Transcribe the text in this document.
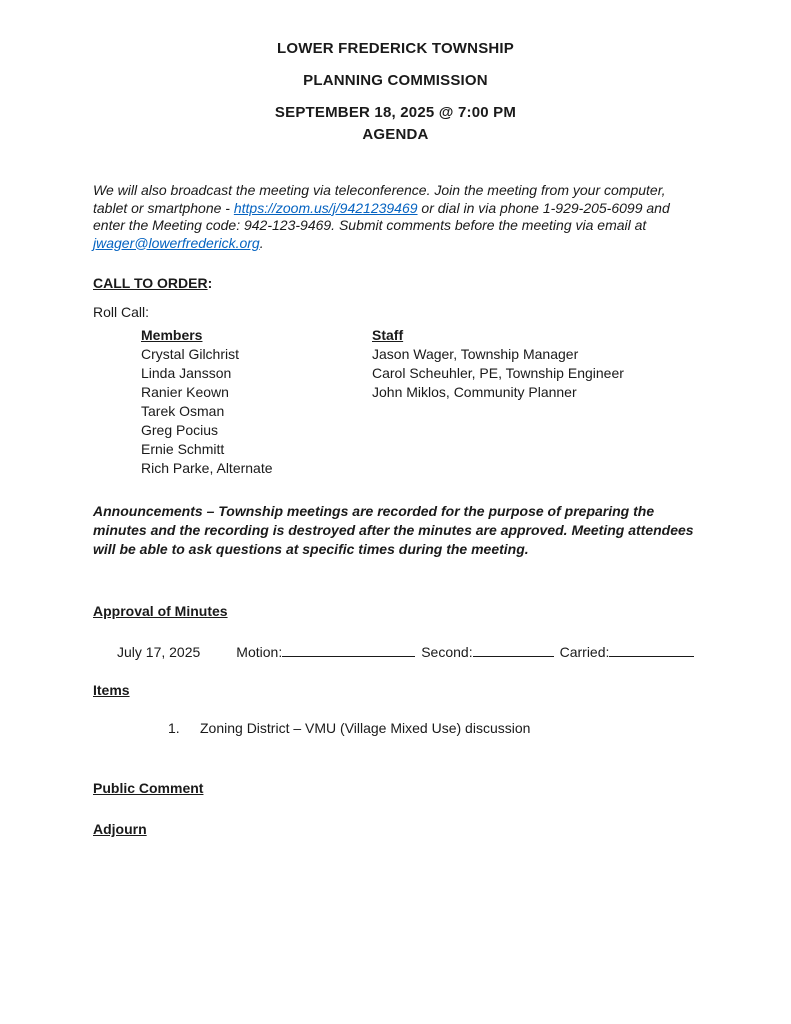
LOWER FREDERICK TOWNSHIP

PLANNING COMMISSION

SEPTEMBER 18, 2025 @ 7:00 PM

AGENDA

We will also broadcast the meeting via teleconference. Join the meeting from your computer, tablet or smartphone - https://zoom.us/j/9421239469 or dial in via phone 1-929-205-6099 and enter the Meeting code: 942-123-9469. Submit comments before the meeting via email at jwager@lowerfrederick.org.

CALL TO ORDER:

Roll Call:

Members	Staff
Crystal Gilchrist	Jason Wager, Township Manager
Linda Jansson	Carol Scheuhler, PE, Township Engineer
Ranier Keown	John Miklos, Community Planner
Tarek Osman
Greg Pocius
Ernie Schmitt
Rich Parke, Alternate

Announcements – Township meetings are recorded for the purpose of preparing the minutes and the recording is destroyed after the minutes are approved. Meeting attendees will be able to ask questions at specific times during the meeting.

Approval of Minutes

July 17, 2025	Motion:	Second:	Carried:

Items

1.	Zoning District – VMU (Village Mixed Use) discussion

Public Comment

Adjourn
